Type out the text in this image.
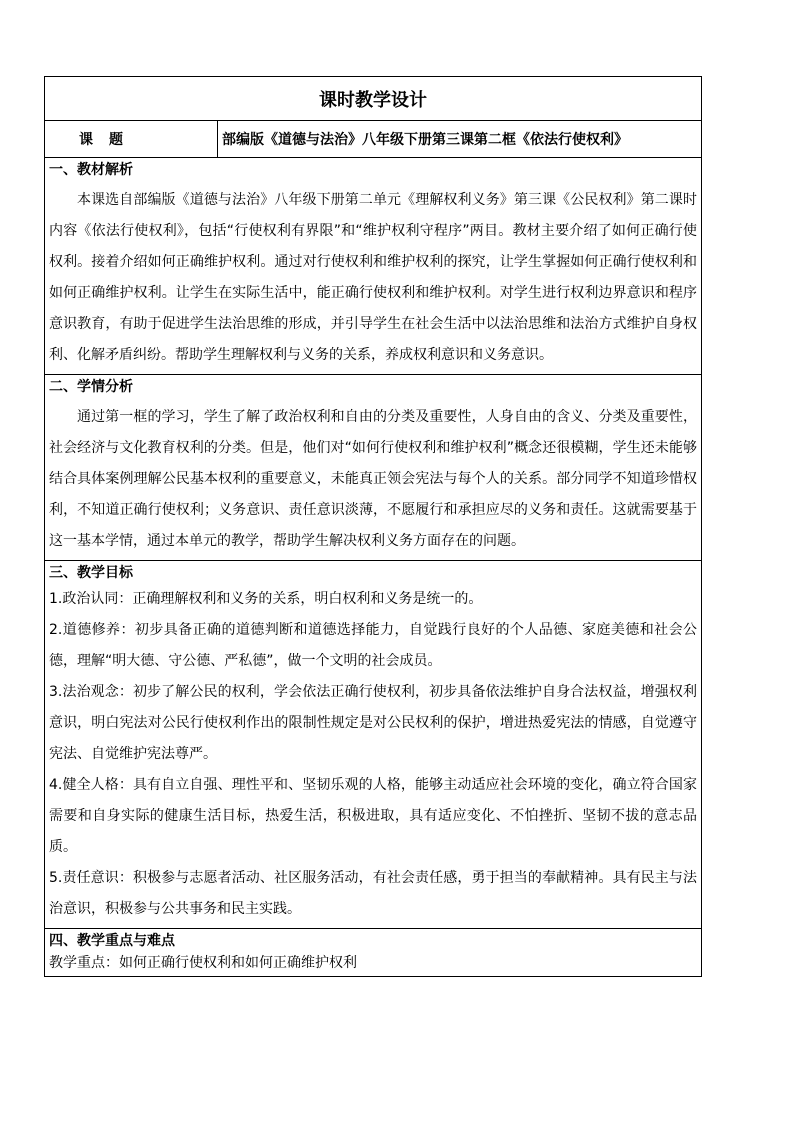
课时教学设计
课　题	部编版《道德与法治》八年级下册第三课第二框《依法行使权利》
一、教材解析
本课选自部编版《道德与法治》八年级下册第二单元《理解权利义务》第三课《公民权利》第二课时内容《依法行使权利》，包括“行使权利有界限”和“维护权利守程序”两目。教材主要介绍了如何正确行使权利。接着介绍如何正确维护权利。通过对行使权利和维护权利的探究，让学生掌握如何正确行使权利和如何正确维护权利。让学生在实际生活中，能正确行使权利和维护权利。对学生进行权利边界意识和程序意识教育，有助于促进学生法治思维的形成，并引导学生在社会生活中以法治思维和法治方式维护自身权利、化解矛盾纠纷。帮助学生理解权利与义务的关系，养成权利意识和义务意识。
二、学情分析
通过第一框的学习，学生了解了政治权利和自由的分类及重要性，人身自由的含义、分类及重要性，社会经济与文化教育权利的分类。但是，他们对“如何行使权利和维护权利”概念还很模糊，学生还未能够结合具体案例理解公民基本权利的重要意义，未能真正领会宪法与每个人的关系。部分同学不知道珍惜权利，不知道正确行使权利；义务意识、责任意识淡薄，不愿履行和承担应尽的义务和责任。这就需要基于这一基本学情，通过本单元的教学，帮助学生解决权利义务方面存在的问题。
三、教学目标
1.政治认同：正确理解权利和义务的关系，明白权利和义务是统一的。
2.道德修养：初步具备正确的道德判断和道德选择能力，自觉践行良好的个人品德、家庭美德和社会公德，理解“明大德、守公德、严私德”，做一个文明的社会成员。
3.法治观念：初步了解公民的权利，学会依法正确行使权利，初步具备依法维护自身合法权益，增强权利意识，明白宪法对公民行使权利作出的限制性规定是对公民权利的保护，增进热爱宪法的情感，自觉遵守宪法、自觉维护宪法尊严。
4.健全人格：具有自立自强、理性平和、坚韧乐观的人格，能够主动适应社会环境的变化，确立符合国家需要和自身实际的健康生活目标，热爱生活，积极进取，具有适应变化、不怕挫折、坚韧不拔的意志品质。
5.责任意识：积极参与志愿者活动、社区服务活动，有社会责任感，勇于担当的奉献精神。具有民主与法治意识，积极参与公共事务和民主实践。
四、教学重点与难点
教学重点：如何正确行使权利和如何正确维护权利
